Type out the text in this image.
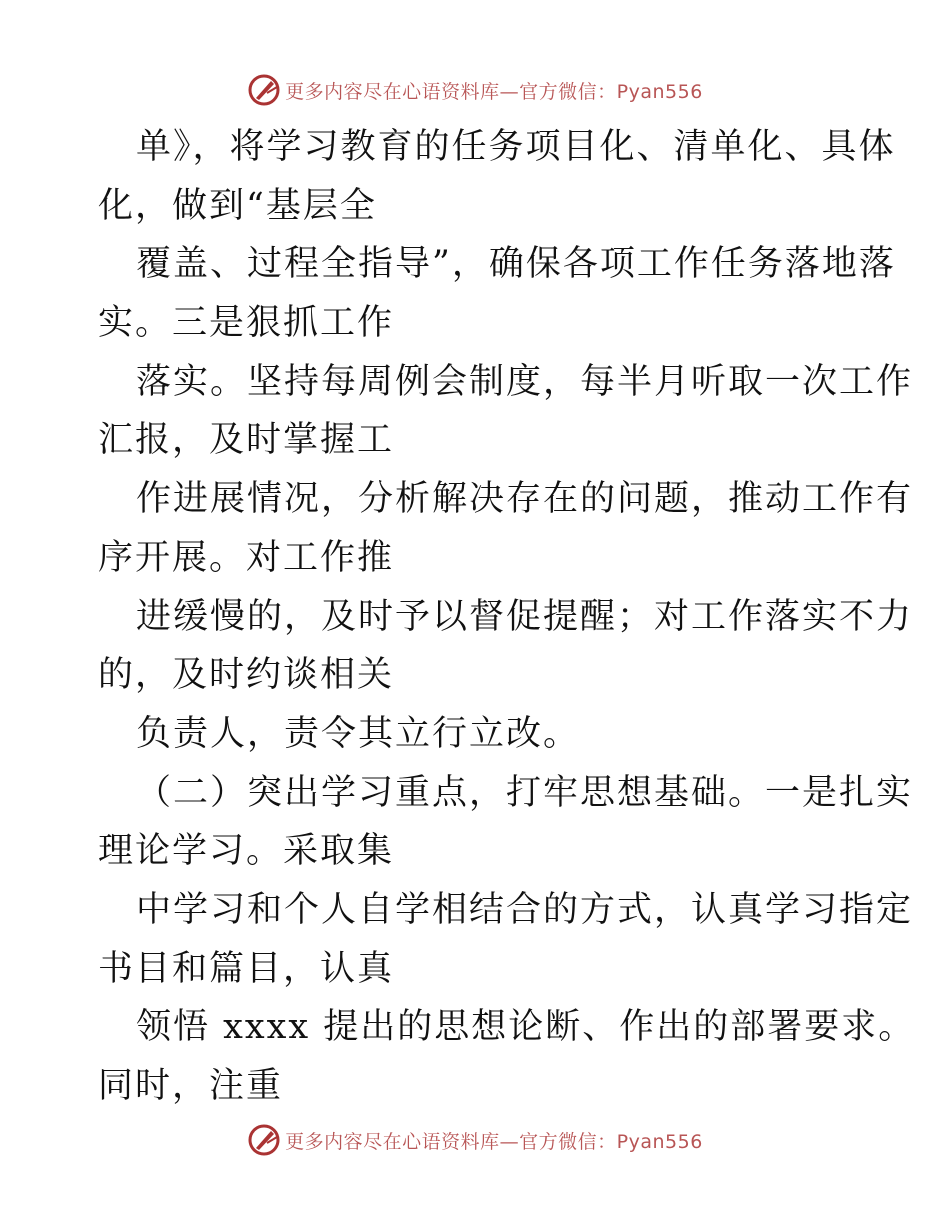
更多内容尽在心语资料库—官方微信：Pyan556
单》，将学习教育的任务项目化、清单化、具体
化，做到“基层全
覆盖、过程全指导”，确保各项工作任务落地落
实。三是狠抓工作
落实。坚持每周例会制度，每半月听取一次工作
汇报，及时掌握工
作进展情况，分析解决存在的问题，推动工作有
序开展。对工作推
进缓慢的，及时予以督促提醒；对工作落实不力
的，及时约谈相关
负责人，责令其立行立改。
（二）突出学习重点，打牢思想基础。一是扎实
理论学习。采取集
中学习和个人自学相结合的方式，认真学习指定
书目和篇目，认真
领悟 xxxx 提出的思想论断、作出的部署要求。
同时，注重
更多内容尽在心语资料库—官方微信：Pyan556
